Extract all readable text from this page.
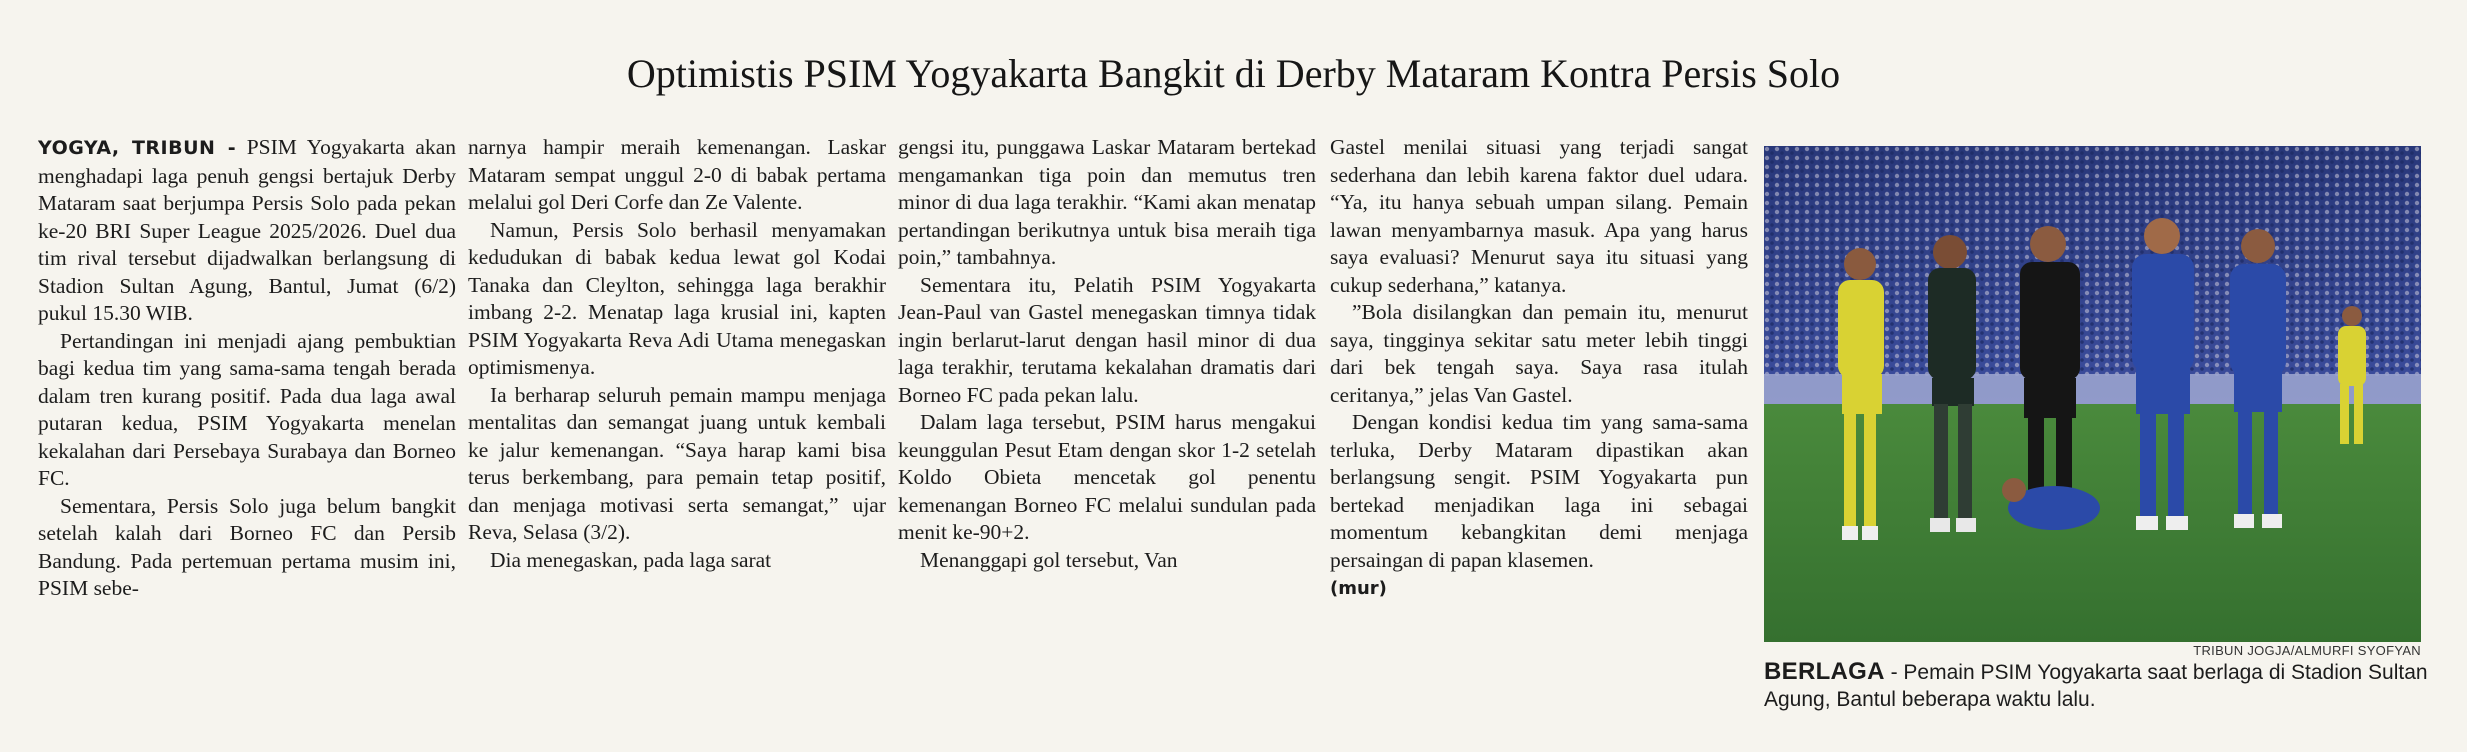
Optimistis PSIM Yogyakarta Bangkit di Derby Mataram Kontra Persis Solo

YOGYA, TRIBUN - PSIM Yogyakarta akan menghadapi laga penuh gengsi bertajuk Derby Mataram saat berjumpa Persis Solo pada pekan ke-20 BRI Super League 2025/2026. Duel dua tim rival tersebut dijadwalkan berlangsung di Stadion Sultan Agung, Bantul, Jumat (6/2) pukul 15.30 WIB.

Pertandingan ini menjadi ajang pembuktian bagi kedua tim yang sama-sama tengah berada dalam tren kurang positif. Pada dua laga awal putaran kedua, PSIM Yogyakarta menelan kekalahan dari Persebaya Surabaya dan Borneo FC.

Sementara, Persis Solo juga belum bangkit setelah kalah dari Borneo FC dan Persib Bandung. Pada pertemuan pertama musim ini, PSIM sebe-

narnya hampir meraih kemenangan. Laskar Mataram sempat unggul 2-0 di babak pertama melalui gol Deri Corfe dan Ze Valente.

Namun, Persis Solo berhasil menyamakan kedudukan di babak kedua lewat gol Kodai Tanaka dan Cleylton, sehingga laga berakhir imbang 2-2. Menatap laga krusial ini, kapten PSIM Yogyakarta Reva Adi Utama menegaskan optimismenya.

Ia berharap seluruh pemain mampu menjaga mentalitas dan semangat juang untuk kembali ke jalur kemenangan. “Saya harap kami bisa terus berkembang, para pemain tetap positif, dan menjaga motivasi serta semangat,” ujar Reva, Selasa (3/2).

Dia menegaskan, pada laga sarat

gengsi itu, punggawa Laskar Mataram bertekad mengamankan tiga poin dan memutus tren minor di dua laga terakhir. “Kami akan menatap pertandingan berikutnya untuk bisa meraih tiga poin,” tambahnya.

Sementara itu, Pelatih PSIM Yogyakarta Jean-Paul van Gastel menegaskan timnya tidak ingin berlarut-larut dengan hasil minor di dua laga terakhir, terutama kekalahan dramatis dari Borneo FC pada pekan lalu.

Dalam laga tersebut, PSIM harus mengakui keunggulan Pesut Etam dengan skor 1-2 setelah Koldo Obieta mencetak gol penentu kemenangan Borneo FC melalui sundulan pada menit ke-90+2.

Menanggapi gol tersebut, Van

Gastel menilai situasi yang terjadi sangat sederhana dan lebih karena faktor duel udara. “Ya, itu hanya sebuah umpan silang. Pemain lawan menyambarnya masuk. Apa yang harus saya evaluasi? Menurut saya itu situasi yang cukup sederhana,” katanya.

”Bola disilangkan dan pemain itu, menurut saya, tingginya sekitar satu meter lebih tinggi dari bek tengah saya. Saya rasa itulah ceritanya,” jelas Van Gastel.

Dengan kondisi kedua tim yang sama-sama terluka, Derby Mataram dipastikan akan berlangsung sengit. PSIM Yogyakarta pun bertekad menjadikan laga ini sebagai momentum kebangkitan demi menjaga persaingan di papan klasemen.

(mur)
TRIBUN JOGJA/ALMURFI SYOFYAN
BERLAGA - Pemain PSIM Yogyakarta saat berlaga di Stadion Sultan Agung, Bantul beberapa waktu lalu.
